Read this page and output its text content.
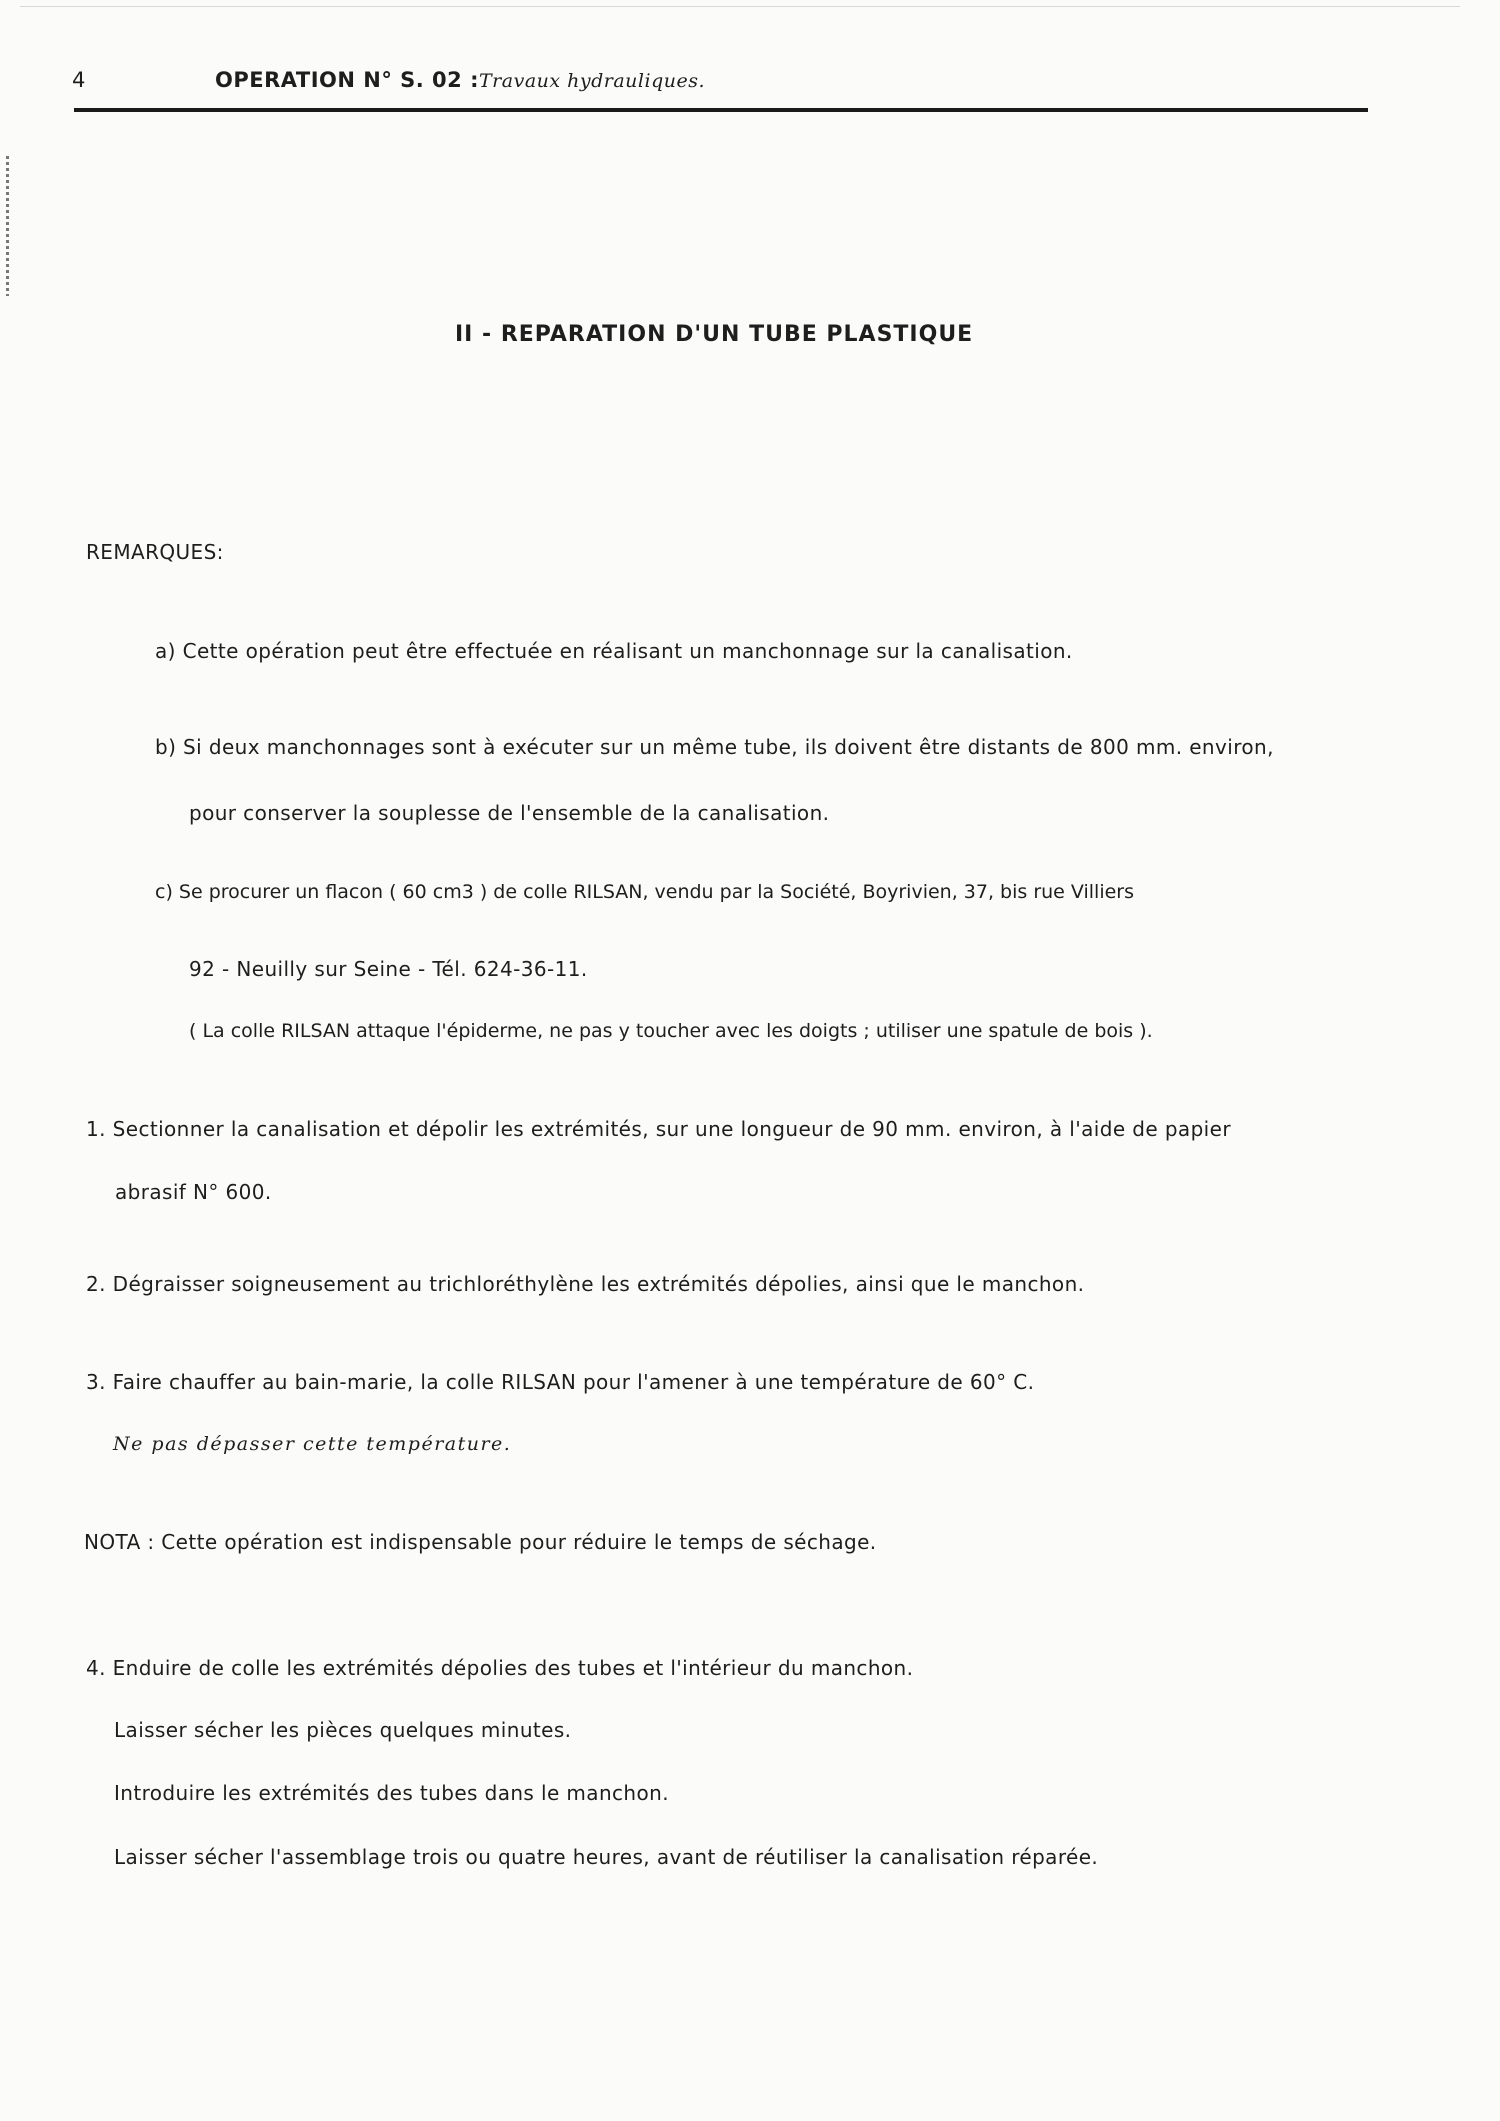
4	OPERATION N° S. 02 :Travaux hydrauliques.
II - REPARATION D'UN TUBE PLASTIQUE
REMARQUES:
a) Cette opération peut être effectuée en réalisant un manchonnage sur la canalisation.
b) Si deux manchonnages sont à exécuter sur un même tube, ils doivent être distants de 800 mm. environ,
pour conserver la souplesse de l'ensemble de la canalisation.
c) Se procurer un flacon ( 60 cm3 ) de colle RILSAN, vendu par la Société, Boyrivien, 37, bis rue Villiers
92 - Neuilly sur Seine - Tél. 624-36-11.
( La colle RILSAN attaque l'épiderme, ne pas y toucher avec les doigts ; utiliser une spatule de bois ).
1. Sectionner la canalisation et dépolir les extrémités, sur une longueur de 90 mm. environ, à l'aide de papier
abrasif N° 600.
2. Dégraisser soigneusement au trichloréthylène les extrémités dépolies, ainsi que le manchon.
3. Faire chauffer au bain-marie, la colle RILSAN pour l'amener à une température de 60° C.
Ne pas dépasser cette température.
NOTA : Cette opération est indispensable pour réduire le temps de séchage.
4. Enduire de colle les extrémités dépolies des tubes et l'intérieur du manchon.
Laisser sécher les pièces quelques minutes.
Introduire les extrémités des tubes dans le manchon.
Laisser sécher l'assemblage trois ou quatre heures, avant de réutiliser la canalisation réparée.
